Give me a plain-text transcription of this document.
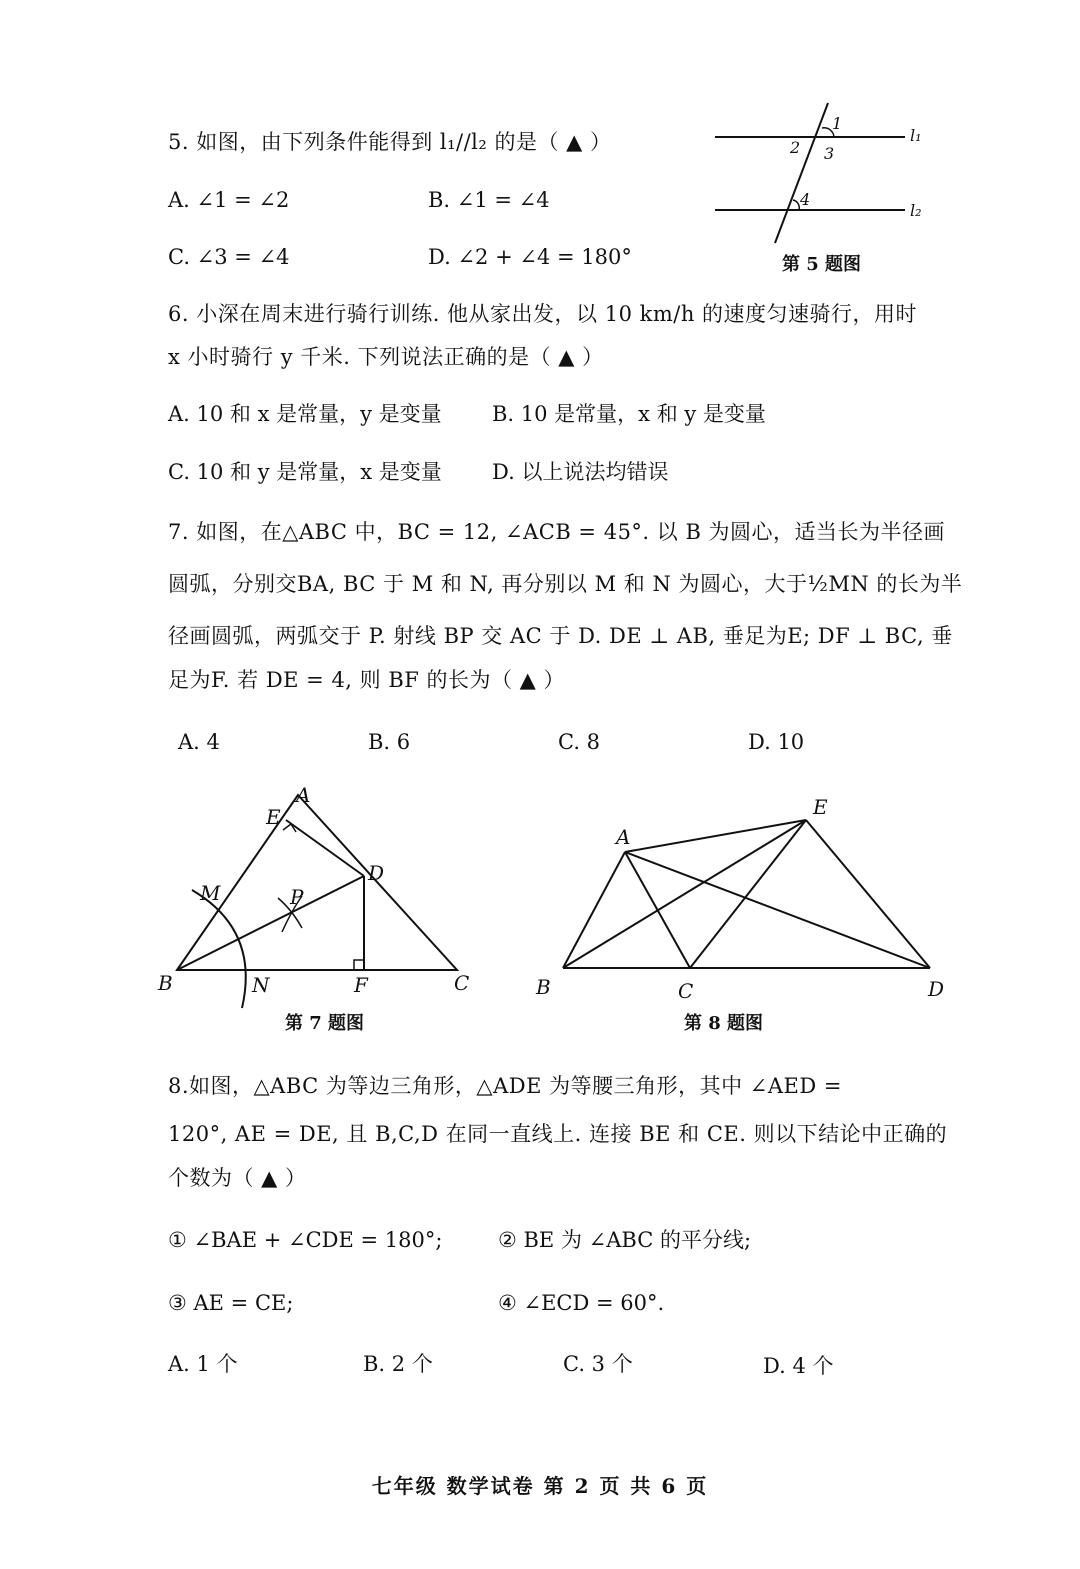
5. 如图，由下列条件能得到 l₁//l₂ 的是（ ▲ ）
A. ∠1 = ∠2	B. ∠1 = ∠4
C. ∠3 = ∠4	D. ∠2 + ∠4 = 180°
1
2 3
4
l₁
l₂
第 5 题图
6. 小深在周末进行骑行训练. 他从家出发，以 10 km/h 的速度匀速骑行，用时
x 小时骑行 y 千米. 下列说法正确的是（ ▲ ）
A. 10 和 x 是常量，y 是变量 B. 10 是常量，x 和 y 是变量
C. 10 和 y 是常量，x 是变量 D. 以上说法均错误
7. 如图，在△ABC 中，BC = 12, ∠ACB = 45°. 以 B 为圆心，适当长为半径画
圆弧，分别交BA, BC 于 M 和 N, 再分别以 M 和 N 为圆心，大于½MN 的长为半
径画圆弧，两弧交于 P. 射线 BP 交 AC 于 D. DE ⊥ AB, 垂足为E; DF ⊥ BC, 垂
足为F. 若 DE = 4, 则 BF 的长为（ ▲ ）
A. 4	B. 6	C. 8	D. 10
A
B	C
D
E
F
M
N
P
第 7 题图
A
B	C	D
E
第 8 题图
8.如图，△ABC 为等边三角形，△ADE 为等腰三角形，其中 ∠AED =
120°, AE = DE, 且 B,C,D 在同一直线上. 连接 BE 和 CE. 则以下结论中正确的
个数为（ ▲ ）
① ∠BAE + ∠CDE = 180°;	② BE 为 ∠ABC 的平分线;
③ AE = CE;	④ ∠ECD = 60°.
A. 1 个	B. 2 个	C. 3 个	D. 4 个
七年级 数学试卷 第 2 页 共 6 页
